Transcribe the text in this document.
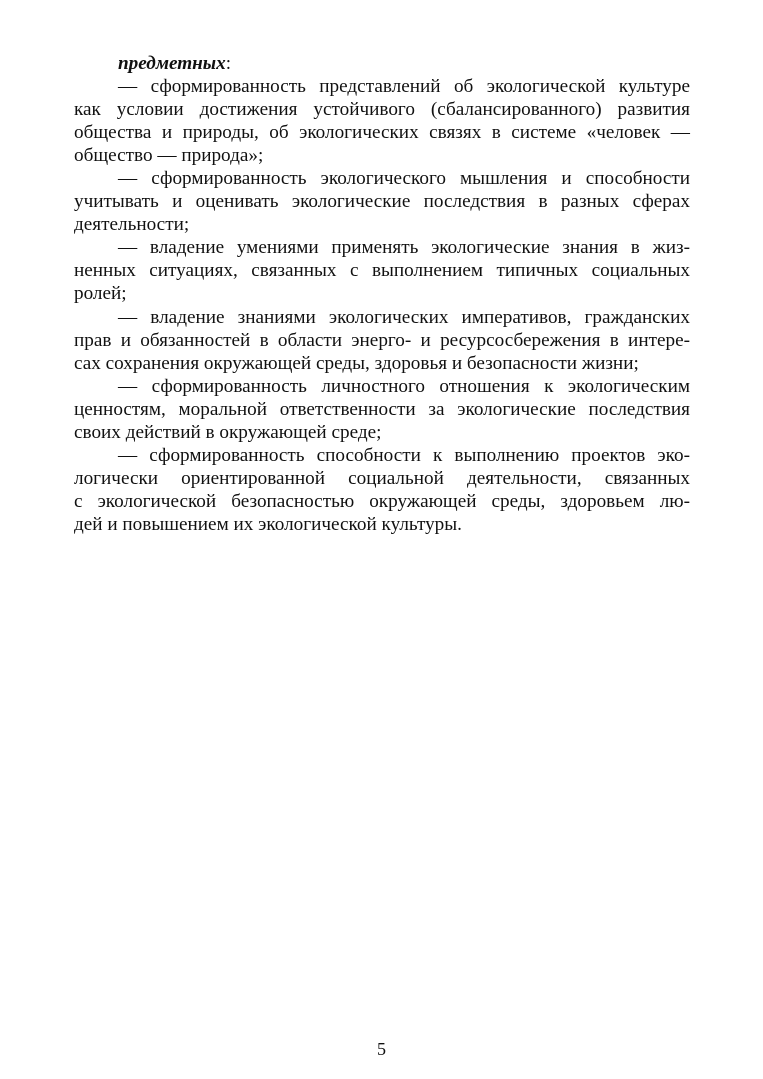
предметных:
— сформированность представлений об экологической культуре
как условии достижения устойчивого (сбалансированного) развития
общества и природы, об экологических связях в системе «человек —
общество — природа»;
— сформированность экологического мышления и способности
учитывать и оценивать экологические последствия в разных сферах
деятельности;
— владение умениями применять экологические знания в жиз-
ненных ситуациях, связанных с выполнением типичных социальных
ролей;
— владение знаниями экологических императивов, гражданских
прав и обязанностей в области энерго- и ресурсосбережения в интере-
сах сохранения окружающей среды, здоровья и безопасности жизни;
— сформированность личностного отношения к экологическим
ценностям, моральной ответственности за экологические последствия
своих действий в окружающей среде;
— сформированность способности к выполнению проектов эко-
логически ориентированной социальной деятельности, связанных
с экологической безопасностью окружающей среды, здоровьем лю-
дей и повышением их экологической культуры.
5
